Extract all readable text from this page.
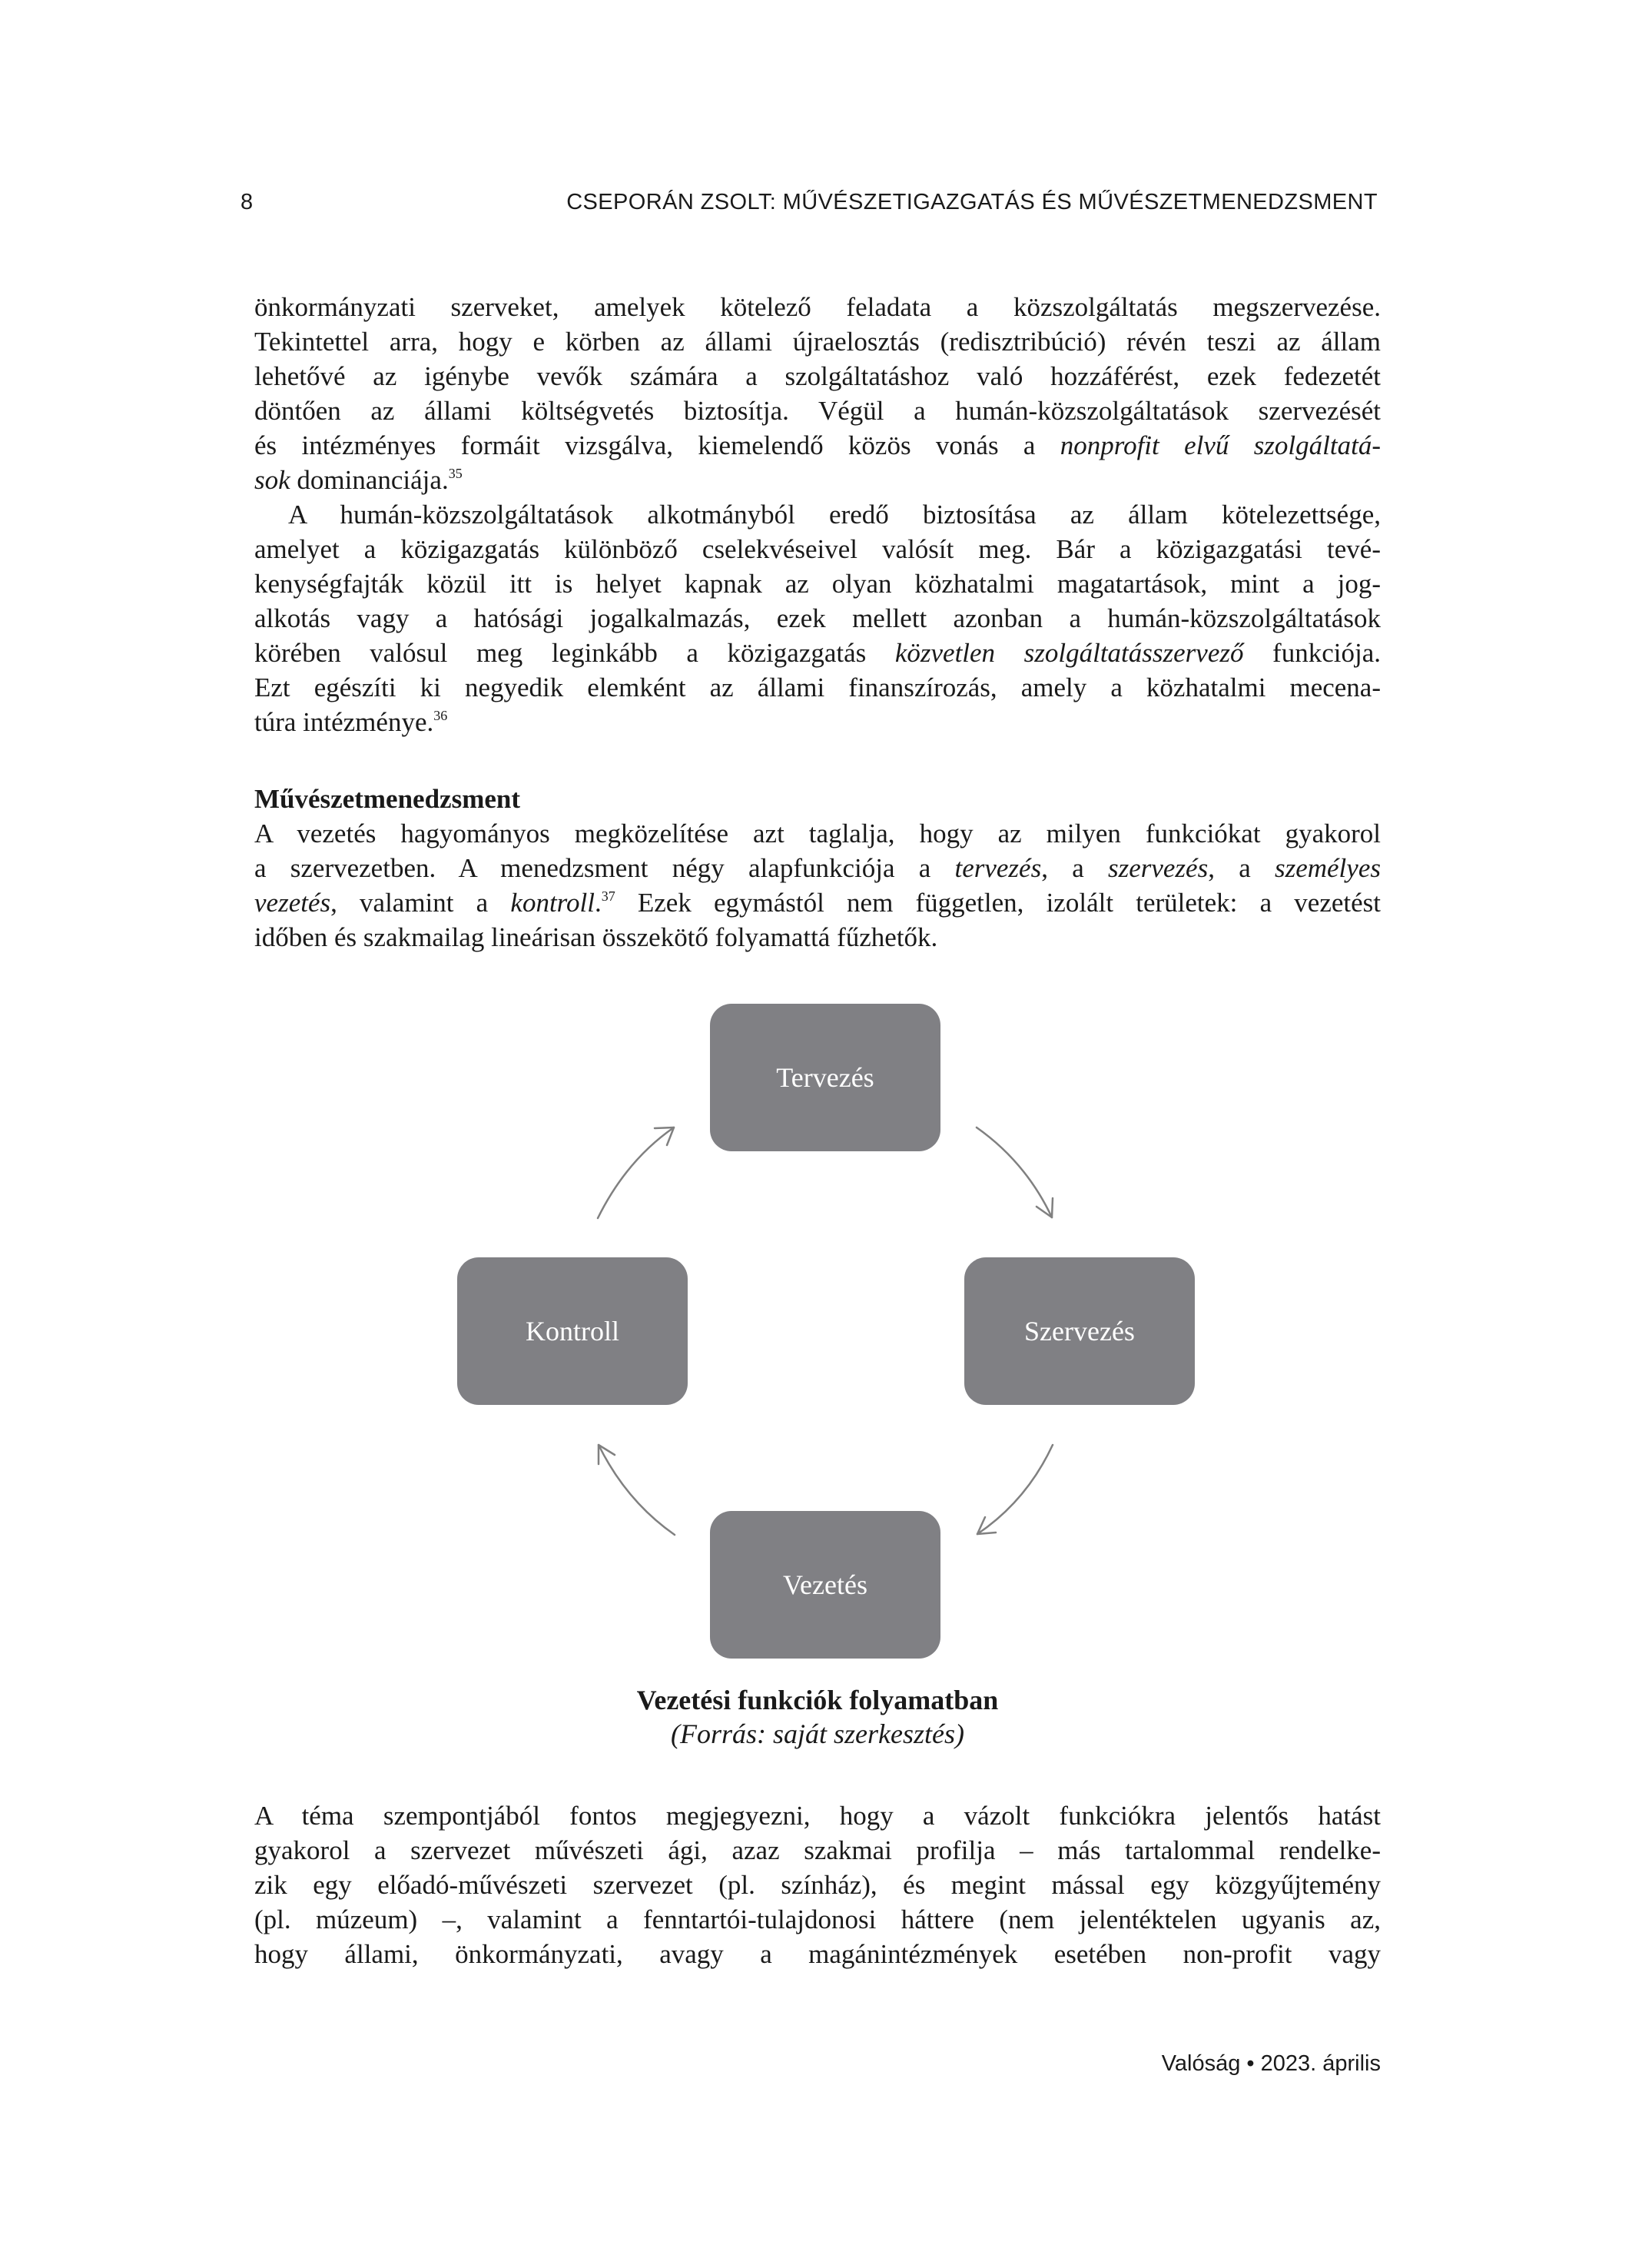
8	CSEPORÁN ZSOLT: MŰVÉSZETIGAZGATÁS ÉS MŰVÉSZETMENEDZSMENT
önkormányzati szerveket, amelyek kötelező feladata a közszolgáltatás megszervezése.
Tekintettel arra, hogy e körben az állami újraelosztás (redisztribúció) révén teszi az állam
lehetővé az igénybe vevők számára a szolgáltatáshoz való hozzáférést, ezek fedezetét
döntően az állami költségvetés biztosítja. Végül a humán-közszolgáltatások szervezését
és intézményes formáit vizsgálva, kiemelendő közös vonás a nonprofit elvű szolgáltatá-
sok dominanciája.$^{35}$
A humán-közszolgáltatások alkotmányból eredő biztosítása az állam kötelezettsége,
amelyet a közigazgatás különböző cselekvéseivel valósít meg. Bár a közigazgatási tevé-
kenységfajták közül itt is helyet kapnak az olyan közhatalmi magatartások, mint a jog-
alkotás vagy a hatósági jogalkalmazás, ezek mellett azonban a humán-közszolgáltatások
körében valósul meg leginkább a közigazgatás közvetlen szolgáltatásszervező funkciója.
Ezt egészíti ki negyedik elemként az állami finanszírozás, amely a közhatalmi mecena-
túra intézménye.$^{36}$
Művészetmenedzsment
A vezetés hagyományos megközelítése azt taglalja, hogy az milyen funkciókat gyakorol
a szervezetben. A menedzsment négy alapfunkciója a tervezés, a szervezés, a személyes
vezetés, valamint a kontroll.$^{37}$ Ezek egymástól nem független, izolált területek: a vezetést
időben és szakmailag lineárisan összekötő folyamattá fűzhetők.
Tervezés
Szervezés
Vezetés
Kontroll
Vezetési funkciók folyamatban
(Forrás: saját szerkesztés)
A téma szempontjából fontos megjegyezni, hogy a vázolt funkciókra jelentős hatást
gyakorol a szervezet művészeti ági, azaz szakmai profilja – más tartalommal rendelke-
zik egy előadó-művészeti szervezet (pl. színház), és megint mással egy közgyűjtemény
(pl. múzeum) –, valamint a fenntartói-tulajdonosi háttere (nem jelentéktelen ugyanis az,
hogy állami, önkormányzati, avagy a magánintézmények esetében non-profit vagy
Valóság • 2023. április
